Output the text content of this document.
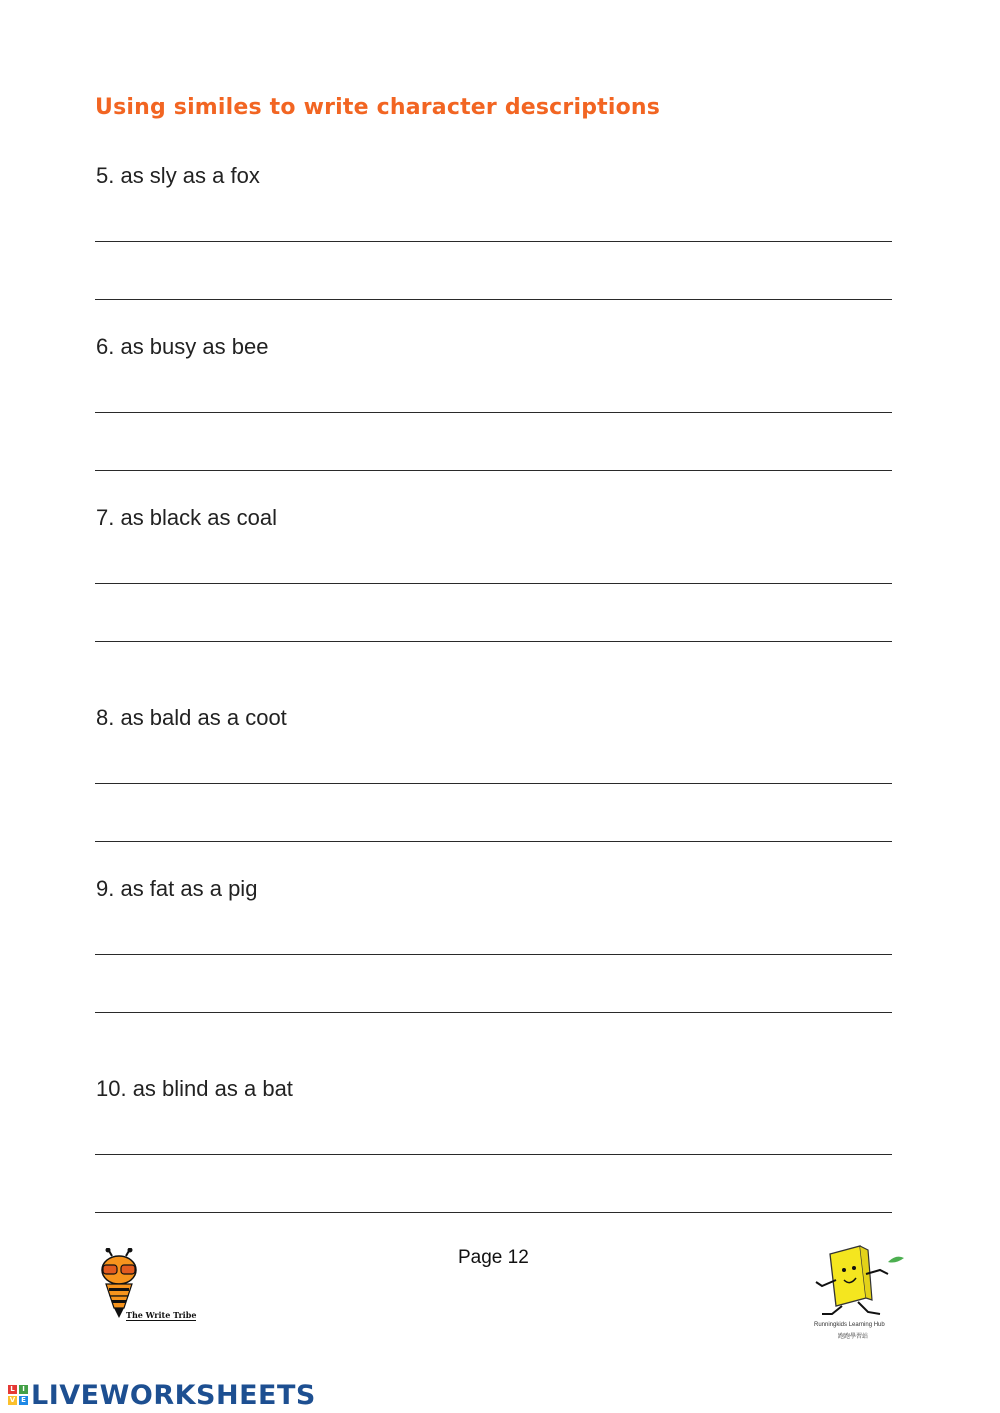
Using similes to write character descriptions
5. as sly as a fox
6. as busy as bee
7. as black as coal
8. as bald as a coot
9. as fat as a pig
10. as blind as a bat
Page 12
The Write Tribe
Runningkids Learning Hub
跑跑學習站
L	I
V E LIVEWORKSHEETS
